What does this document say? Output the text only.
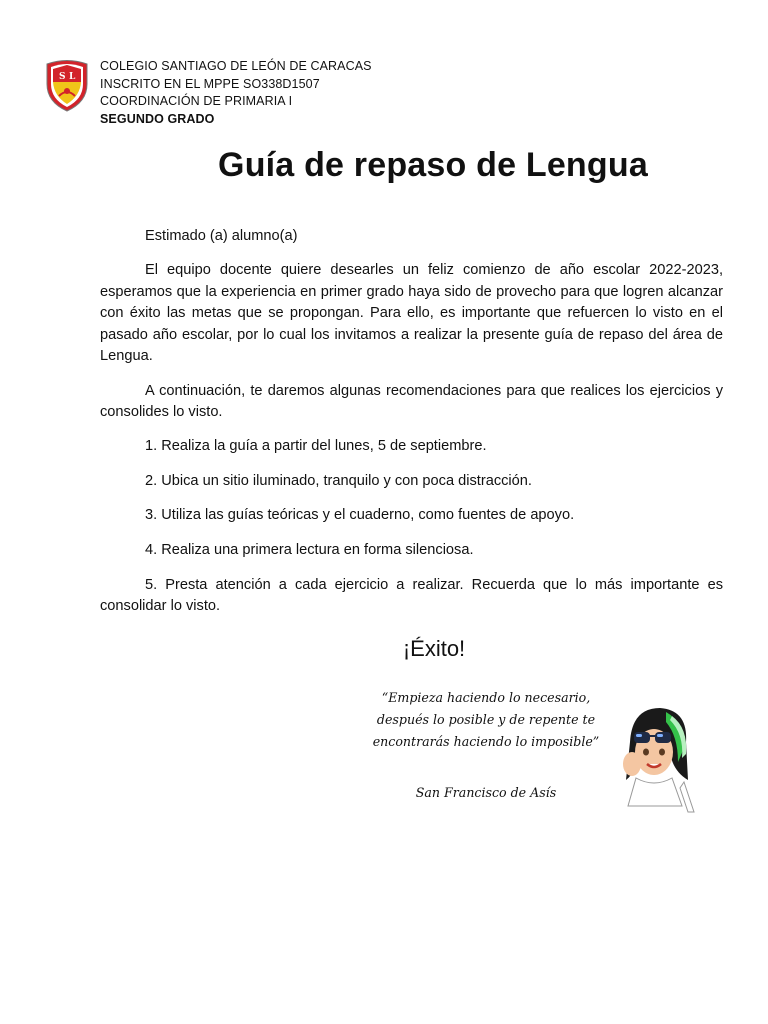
S L
COLEGIO SANTIAGO DE LEÓN DE CARACAS
INSCRITO EN EL MPPE SO338D1507
COORDINACIÓN DE PRIMARIA I
SEGUNDO GRADO
Guía de repaso de Lengua

Estimado (a) alumno(a)

El equipo docente quiere desearles un feliz comienzo de año escolar 2022-2023, esperamos que la experiencia en primer grado haya sido de provecho para que logren alcanzar con éxito las metas que se propongan. Para ello, es importante que refuercen lo visto en el pasado año escolar, por lo cual los invitamos a realizar la presente guía de repaso del área de Lengua.

A continuación, te daremos algunas recomendaciones para que realices los ejercicios y consolides lo visto.

1. Realiza la guía a partir del lunes, 5 de septiembre.

2. Ubica un sitio iluminado, tranquilo y con poca distracción.

3. Utiliza las guías teóricas y el cuaderno, como fuentes de apoyo.

4. Realiza una primera lectura en forma silenciosa.

5. Presta atención a cada ejercicio a realizar. Recuerda que lo más importante es consolidar lo visto.

¡Éxito!

“Empieza haciendo lo necesario, después lo posible y de repente te encontrarás haciendo lo imposible”

San Francisco de Asís
